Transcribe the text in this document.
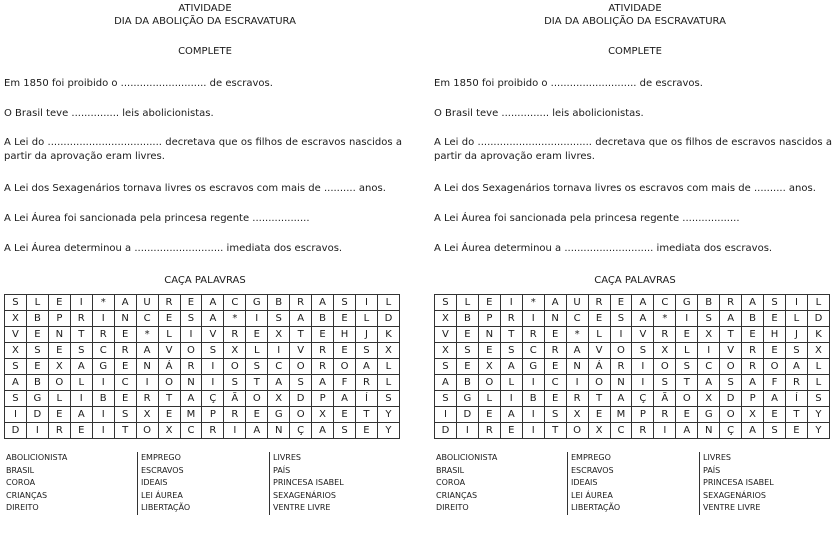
ATIVIDADE
DIA DA ABOLIÇÃO DA ESCRAVATURA
COMPLETE
Em 1850 foi proibido o ........................... de escravos.
O Brasil teve ............... leis abolicionistas.
A Lei do .................................... decretava que os filhos de escravos nascidos a partir da aprovação eram livres.
A Lei dos Sexagenários tornava livres os escravos com mais de .......... anos.
A Lei Áurea foi sancionada pela princesa regente ..................
A Lei Áurea determinou a ............................ imediata dos escravos.
CAÇA PALAVRAS
S	L	E	I	*	A	U	R	E	A	C	G	B	R	A	S	I	L
X	B	P	R	I	N	C	E	S	A	*	I	S	A	B	E	L	D
V	E	N	T	R	E	*	L	I	V	R	E	X	T	E	H	J	K
X	S	E	S	C	R	A	V	O	S	X	L	I	V	R	E	S	X
S	E	X	A	G	E	N	Á	R	I	O	S	C	O	R	O	A	L
A	B	O	L	I	C	I	O	N	I	S	T	A	S	A	F	R	L
S	G	L	I	B	E	R	T	A	Ç	Ã	O	X	D	P	A	Í	S
I	D	E	A	I	S	X	E	M	P	R	E	G	O	X	E	T	Y
D	I	R	E	I	T	O	X	C	R	I	A	N	Ç	A	S	E	Y
ABOLICIONISTA
BRASIL
COROA
CRIANÇAS
DIREITO
EMPREGO
ESCRAVOS
IDEAIS
LEI ÁUREA
LIBERTAÇÃO
LIVRES
PAÍS
PRINCESA ISABEL
SEXAGENÁRIOS
VENTRE LIVRE
ATIVIDADE
DIA DA ABOLIÇÃO DA ESCRAVATURA
COMPLETE
Em 1850 foi proibido o ........................... de escravos.
O Brasil teve ............... leis abolicionistas.
A Lei do .................................... decretava que os filhos de escravos nascidos a partir da aprovação eram livres.
A Lei dos Sexagenários tornava livres os escravos com mais de .......... anos.
A Lei Áurea foi sancionada pela princesa regente ..................
A Lei Áurea determinou a ............................ imediata dos escravos.
CAÇA PALAVRAS
S	L	E	I	*	A	U	R	E	A	C	G	B	R	A	S	I	L
X	B	P	R	I	N	C	E	S	A	*	I	S	A	B	E	L	D
V	E	N	T	R	E	*	L	I	V	R	E	X	T	E	H	J	K
X	S	E	S	C	R	A	V	O	S	X	L	I	V	R	E	S	X
S	E	X	A	G	E	N	Á	R	I	O	S	C	O	R	O	A	L
A	B	O	L	I	C	I	O	N	I	S	T	A	S	A	F	R	L
S	G	L	I	B	E	R	T	A	Ç	Ã	O	X	D	P	A	Í	S
I	D	E	A	I	S	X	E	M	P	R	E	G	O	X	E	T	Y
D	I	R	E	I	T	O	X	C	R	I	A	N	Ç	A	S	E	Y
ABOLICIONISTA
BRASIL
COROA
CRIANÇAS
DIREITO
EMPREGO
ESCRAVOS
IDEAIS
LEI ÁUREA
LIBERTAÇÃO
LIVRES
PAÍS
PRINCESA ISABEL
SEXAGENÁRIOS
VENTRE LIVRE
